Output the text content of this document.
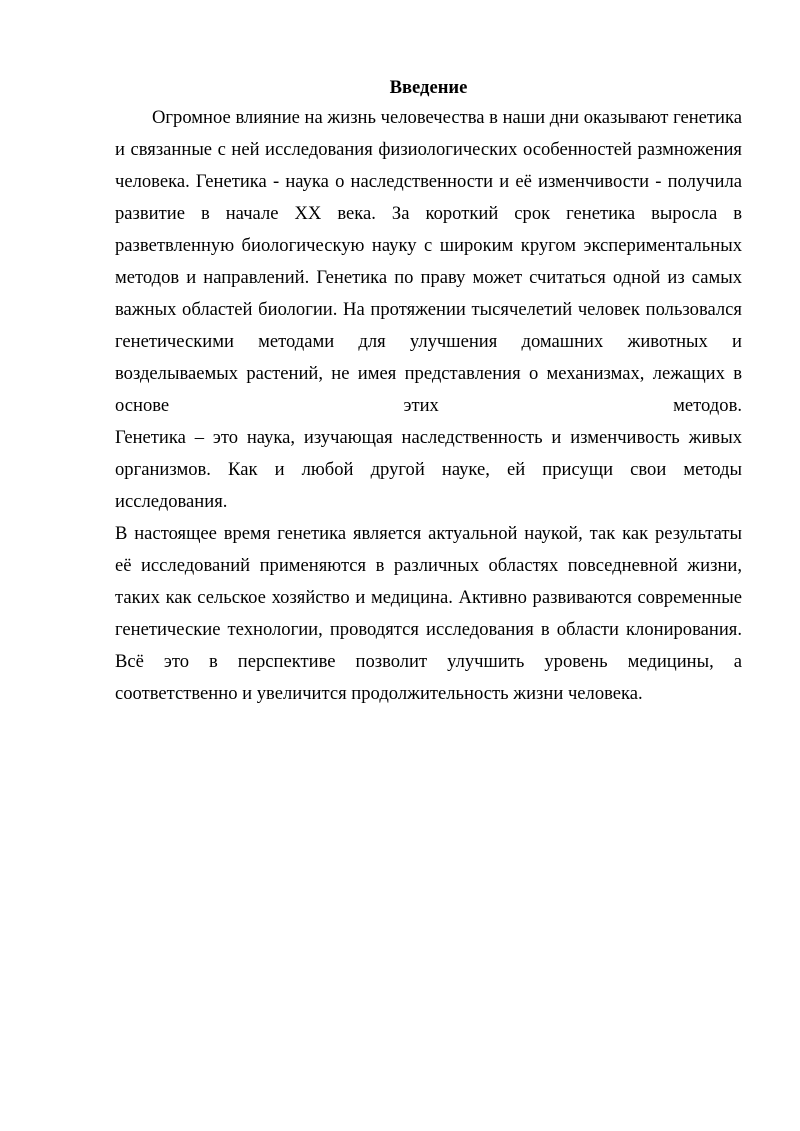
Введение

Огромное влияние на жизнь человечества в наши дни оказывают генетика
и связанные с ней исследования физиологических особенностей размножения
человека. Генетика - наука о наследственности и её изменчивости - получила
развитие в начале XX века. За короткий срок генетика выросла в
разветвленную биологическую науку с широким кругом экспериментальных
методов и направлений. Генетика по праву может считаться одной из самых
важных областей биологии. На протяжении тысячелетий человек пользовался
генетическими методами для улучшения домашних животных и
возделываемых растений, не имея представления о механизмах, лежащих в
основе этих методов.
Генетика – это наука, изучающая наследственность и изменчивость живых
организмов. Как и любой другой науке, ей присущи свои методы
исследования.
В настоящее время генетика является актуальной наукой, так как результаты
её исследований применяются в различных областях повседневной жизни,
таких как сельское хозяйство и медицина. Активно развиваются современные
генетические технологии, проводятся исследования в области клонирования.
Всё это в перспективе позволит улучшить уровень медицины, а
соответственно и увеличится продолжительность жизни человека.
